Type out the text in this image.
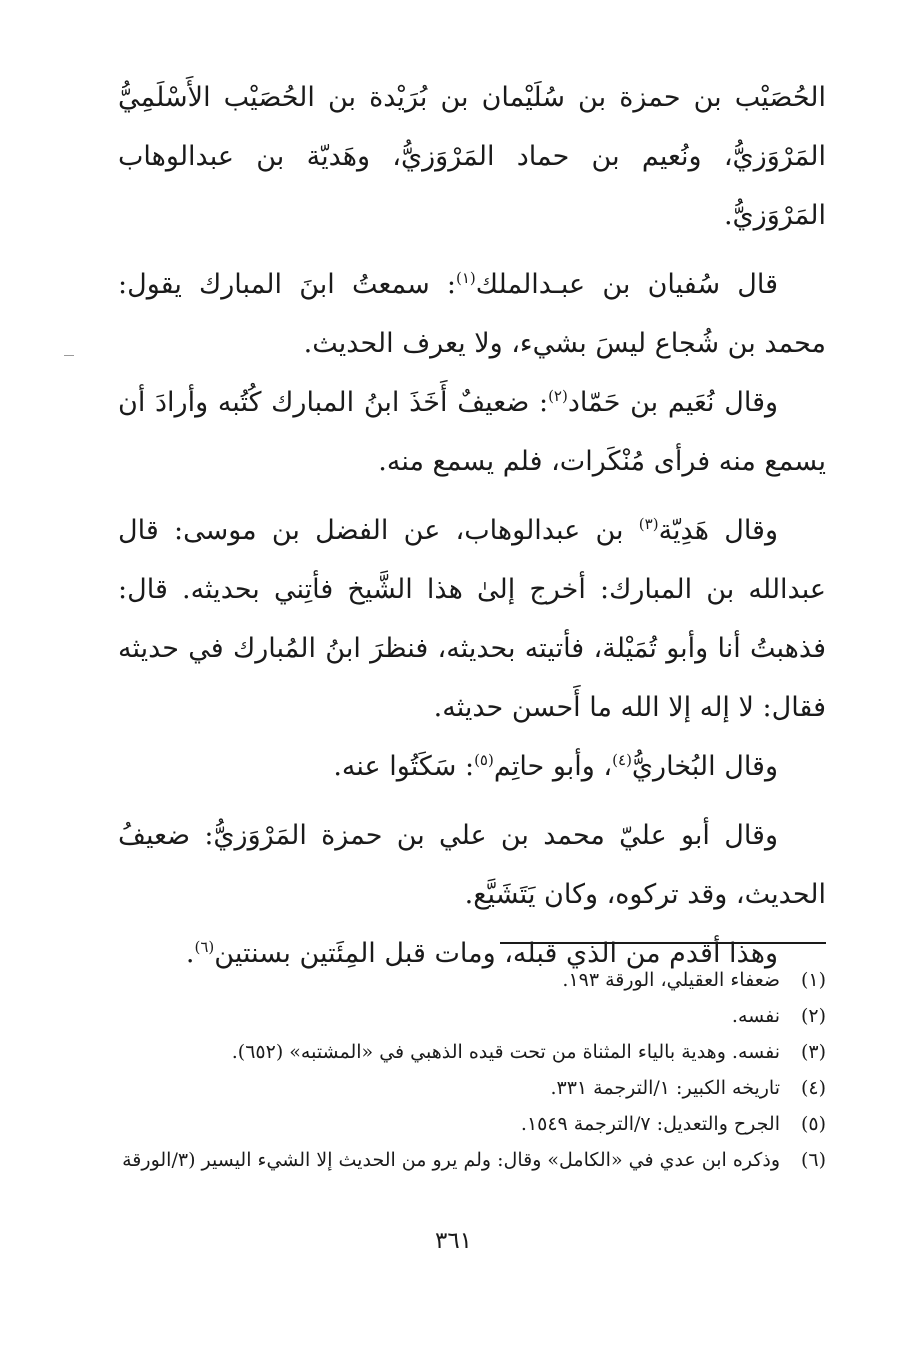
الحُصَيْب بن حمزة بن سُلَيْمان بن بُرَيْدة بن الحُصَيْب الأَسْلَمِيُّ المَرْوَزيُّ، ونُعيم بن حماد المَرْوَزيُّ، وهَديّة بن عبدالوهاب المَرْوَزيُّ.

قال سُفيان بن عبـدالملك$^{(١)}$: سمعتُ ابنَ المبارك يقول: محمد بن شُجاع ليسَ بشيء، ولا يعرف الحديث.

وقال نُعَيم بن حَمّاد$^{(٢)}$: ضعيفٌ أَخَذَ ابنُ المبارك كُتُبه وأرادَ أن يسمع منه فرأى مُنْكَرات، فلم يسمع منه.

وقال هَدِيّة$^{(٣)}$ بن عبدالوهاب، عن الفضل بن موسى: قال عبدالله بن المبارك: أخرج إلىٰ هذا الشَّيخ فأتِني بحديثه. قال: فذهبتُ أنا وأبو تُمَيْلة، فأتيته بحديثه، فنظرَ ابنُ المُبارك في حديثه فقال: لا إله إلا الله ما أَحسن حديثه.

وقال البُخاريُّ$^{(٤)}$، وأبو حاتِم$^{(٥)}$: سَكَتُوا عنه.

وقال أبو عليّ محمد بن علي بن حمزة المَرْوَزيُّ: ضعيفُ الحديث، وقد تركوه، وكان يَتَشَيَّع.

وهذا أقدم من الذي قبله، ومات قبل المِئَتين بسنتين$^{(٦)}$.

(١)
ضعفاء العقيلي، الورقة ١٩٣.
(٢)
نفسه.
(٣)
نفسه. وهدية بالياء المثناة من تحت قيده الذهبي في «المشتبه» (٦٥٢).
(٤)
تاريخه الكبير: ١/الترجمة ٣٣١.
(٥)
الجرح والتعديل: ٧/الترجمة ١٥٤٩.
(٦)
وذكره ابن عدي في «الكامل» وقال: ولم يرو من الحديث إلا الشيء اليسير (٣/الورقة
٣٦١
